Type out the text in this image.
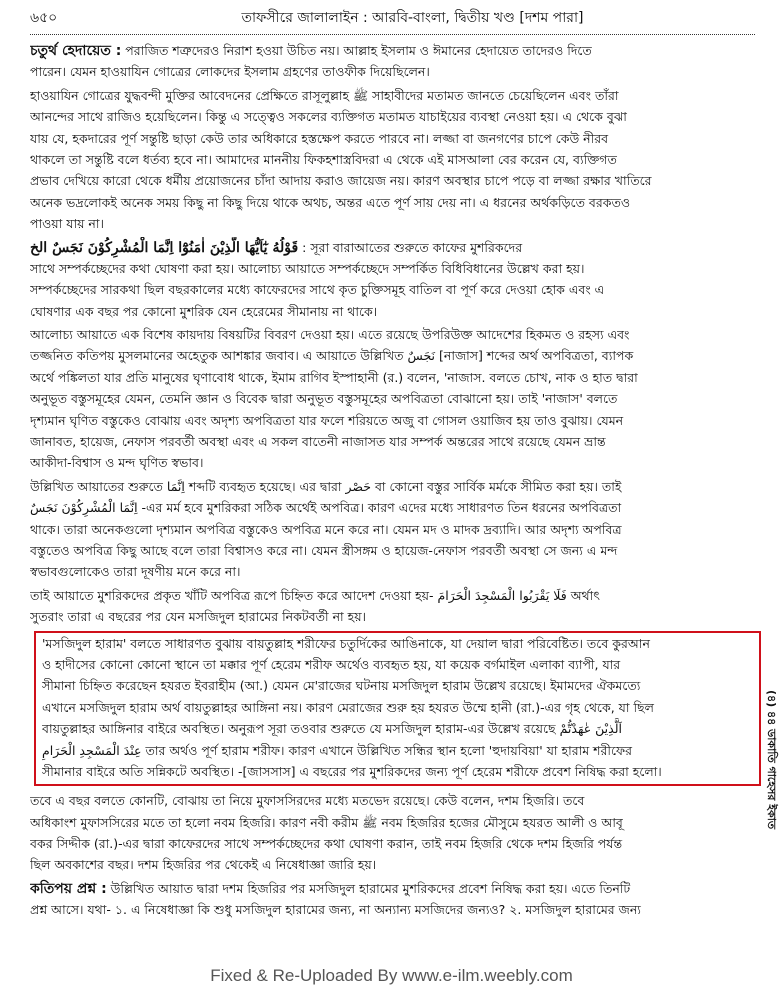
৬৫০	তাফসীরে জালালাইন : আরবি-বাংলা, দ্বিতীয় খণ্ড [দশম পারা]
চতুর্থ হেদায়েত : পরাজিত শত্রুদেরও নিরাশ হওয়া উচিত নয়। আল্লাহ ইসলাম ও ঈমানের হেদায়েত তাদেরও দিতে
পারেন। যেমন হাওয়াযিন গোত্রের লোকদের ইসলাম গ্রহণের তাওফীক দিয়েছিলেন।
হাওয়াযিন গোত্রের যুদ্ধবন্দী মুক্তির আবেদনের প্রেক্ষিতে রাসূলুল্লাহ ﷺ সাহাবীদের মতামত জানতে চেয়েছিলেন এবং তাঁরা
আনন্দের সাথে রাজিও হয়েছিলেন। কিন্তু এ সত্ত্বেও সকলের ব্যক্তিগত মতামত যাচাইয়ের ব্যবস্থা নেওয়া হয়। এ থেকে বুঝা
যায় যে, হকদারের পূর্ণ সন্তুষ্টি ছাড়া কেউ তার অধিকারে হস্তক্ষেপ করতে পারবে না। লজ্জা বা জনগণের চাপে কেউ নীরব
থাকলে তা সন্তুষ্টি বলে ধর্তব্য হবে না। আমাদের মাননীয় ফিকহশাস্ত্রবিদরা এ থেকে এই মাসআলা বের করেন যে, ব্যক্তিগত
প্রভাব দেখিয়ে কারো থেকে ধর্মীয় প্রয়োজনের চাঁদা আদায় করাও জায়েজ নয়। কারণ অবস্থার চাপে পড়ে বা লজ্জা রক্ষার খাতিরে
অনেক ভদ্রলোকই অনেক সময় কিছু না কিছু দিয়ে থাকে অথচ, অন্তর এতে পূর্ণ সায় দেয় না। এ ধরনের অর্থকড়িতে বরকতও
পাওয়া যায় না।
قَوْلُهُ يٰٓاَيُّهَا الَّذِيْنَ اٰمَنُوْٓا اِنَّمَا الْمُشْرِكُوْنَ نَجَسٌ الخ : সূরা বারাআতের শুরুতে কাফের মুশরিকদের
সাথে সম্পর্কচ্ছেদের কথা ঘোষণা করা হয়। আলোচ্য আয়াতে সম্পর্কচ্ছেদে সম্পর্কিত বিধিবিধানের উল্লেখ করা হয়।
সম্পর্কচ্ছেদের সারকথা ছিল বছরকালের মধ্যে কাফেরদের সাথে কৃত চুক্তিসমূহ বাতিল বা পূর্ণ করে দেওয়া হোক এবং এ
ঘোষণার এক বছর পর কোনো মুশরিক যেন হেরেমের সীমানায় না থাকে।
আলোচ্য আয়াতে এক বিশেষ কায়দায় বিষয়টির বিবরণ দেওয়া হয়। এতে রয়েছে উপরিউক্ত আদেশের হিকমত ও রহস্য এবং
তজ্জনিত কতিপয় মুসলমানের অহেতুক আশঙ্কার জবাব। এ আয়াতে উল্লিখিত نَجَسٌ [নাজাস] শব্দের অর্থ অপবিত্রতা, ব্যাপক
অর্থে পঙ্কিলতা যার প্রতি মানুষের ঘৃণাবোধ থাকে, ইমাম রাগিব ইস্পাহানী (র.) বলেন, 'নাজাস. বলতে চোখ, নাক ও হাত দ্বারা
অনুভূত বস্তুসমূহের যেমন, তেমনি জ্ঞান ও বিবেক দ্বারা অনুভূত বস্তুসমূহের অপবিত্রতা বোঝানো হয়। তাই 'নাজাস' বলতে
দৃশ্যমান ঘৃণিত বস্তুকেও বোঝায় এবং অদৃশ্য অপবিত্রতা যার ফলে শরিয়তে অজু বা গোসল ওয়াজিব হয় তাও বুঝায়। যেমন
জানাবত, হায়েজ, নেফাস পরবর্তী অবস্থা এবং এ সকল বাতেনী নাজাসত যার সম্পর্ক অন্তরের সাথে রয়েছে যেমন ভ্রান্ত
আকীদা-বিশ্বাস ও মন্দ ঘৃণিত স্বভাব।
উল্লিখিত আয়াতের শুরুতে اِنَّمَا শব্দটি ব্যবহৃত হয়েছে। এর দ্বারা حَصْر বা কোনো বস্তুর সার্বিক মর্মকে সীমিত করা হয়। তাই
اِنَّمَا الْمُشْرِكُوْنَ نَجَسٌ -এর মর্ম হবে মুশরিকরা সঠিক অর্থেই অপবিত্র। কারণ এদের মধ্যে সাধারণত তিন ধরনের অপবিত্রতা
থাকে। তারা অনেকগুলো দৃশ্যমান অপবিত্র বস্তুকেও অপবিত্র মনে করে না। যেমন মদ ও মাদক দ্রব্যাদি। আর অদৃশ্য অপবিত্র
বস্তুতেও অপবিত্র কিছু আছে বলে তারা বিশ্বাসও করে না। যেমন স্ত্রীসঙ্গম ও হায়েজ-নেফাস পরবর্তী অবস্থা সে জন্য এ মন্দ
স্বভাবগুলোকেও তারা দূষণীয় মনে করে না।
তাই আয়াতে মুশরিকদের প্রকৃত খাঁটি অপবিত্র রূপে চিহ্নিত করে আদেশ দেওয়া হয়- فَلَا يَقْرَبُوا الْمَسْجِدَ الْحَرَامَ অর্থাৎ
সুতরাং তারা এ বছরের পর যেন মসজিদুল হারামের নিকটবর্তী না হয়।
'মসজিদুল হারাম' বলতে সাধারণত বুঝায় বায়তুল্লাহ শরীফের চতুর্দিকের আঙিনাকে, যা দেয়াল দ্বারা পরিবেষ্টিত। তবে কুরআন
ও হাদীসের কোনো কোনো স্থানে তা মক্কার পূর্ণ হেরেম শরীফ অর্থেও ব্যবহৃত হয়, যা কয়েক বর্গমাইল এলাকা ব্যাপী, যার
সীমানা চিহ্নিত করেছেন হযরত ইবরাহীম (আ.) যেমন মে'রাজের ঘটনায় মসজিদুল হারাম উল্লেখ রয়েছে। ইমামদের ঐকমত্যে
এখানে মসজিদুল হারাম অর্থ বায়তুল্লাহর আঙ্গিনা নয়। কারণ মেরাজের শুরু হয় হযরত উম্মে হানী (রা.)-এর গৃহ থেকে, যা ছিল
বায়তুল্লাহর আঙ্গিনার বাইরে অবস্থিত। অনুরূপ সূরা তওবার শুরুতে যে মসজিদুল হারাম-এর উল্লেখ রয়েছে اَلَّذِيْنَ عٰهَدْتُّمْ
عِنْدَ الْمَسْجِدِ الْحَرَامِ তার অর্থও পূর্ণ হারাম শরীফ। কারণ এখানে উল্লিখিত সন্ধির স্থান হলো 'হুদায়বিয়া' যা হারাম শরীফের
সীমানার বাইরে অতি সন্নিকটে অবস্থিত। -[জাসসাস] এ বছরের পর মুশরিকদের জন্য পূর্ণ হেরেম শরীফে প্রবেশ নিষিদ্ধ করা হলো।
তবে এ বছর বলতে কোনটি, বোঝায় তা নিয়ে মুফাসসিরদের মধ্যে মতভেদ রয়েছে। কেউ বলেন, দশম হিজরি। তবে
অধিকাংশ মুফাসসিরের মতে তা হলো নবম হিজরি। কারণ নবী করীম ﷺ নবম হিজরির হজের মৌসুমে হযরত আলী ও আবূ
বকর সিদ্দীক (রা.)-এর দ্বারা কাফেরদের সাথে সম্পর্কচ্ছেদের কথা ঘোষণা করান, তাই নবম হিজরি থেকে দশম হিজরি পর্যন্ত
ছিল অবকাশের বছর। দশম হিজরির পর থেকেই এ নিষেধাজ্ঞা জারি হয়।
কতিপয় প্রশ্ন : উল্লিখিত আয়াত দ্বারা দশম হিজরির পর মসজিদুল হারামের মুশরিকদের প্রবেশ নিষিদ্ধ করা হয়। এতে তিনটি
প্রশ্ন আসে। যথা- ১. এ নিষেধাজ্ঞা কি শুধু মসজিদুল হারামের জন্য, না অন্যান্য মসজিদের জন্যও? ২. মসজিদুল হারামের জন্য
(৪) ৪৪ ডাকাতি গাহেসর ইকাত
Fixed & Re-Uploaded By www.e-ilm.weebly.com
